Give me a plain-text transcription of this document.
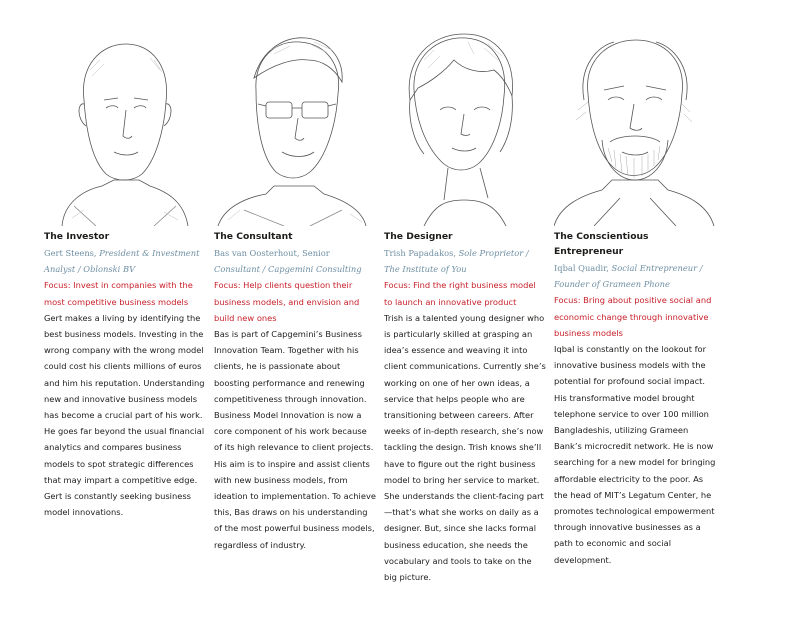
The Investor

Gert Steens, President & Investment Analyst / Oblonski BV

Focus: Invest in companies with the most competitive business models

Gert makes a living by identifying the best business models. Investing in the wrong company with the wrong model could cost his clients millions of euros and him his reputation. Understanding new and innovative business models has become a crucial part of his work. He goes far beyond the usual financial analytics and compares business models to spot strategic differences that may impart a competitive edge. Gert is constantly seeking business model innovations.

The Consultant

Bas van Oosterhout, Senior Consultant / Capgemini Consulting

Focus: Help clients question their business models, and envision and build new ones

Bas is part of Capgemini’s Business Innovation Team. Together with his clients, he is passionate about boosting performance and renewing competitiveness through innovation. Business Model Innovation is now a core component of his work because of its high relevance to client projects. His aim is to inspire and assist clients with new business models, from ideation to implementation. To achieve this, Bas draws on his understanding of the most powerful business models, regardless of industry.

The Designer

Trish Papadakos, Sole Proprietor / The Institute of You

Focus: Find the right business model to launch an innovative product

Trish is a talented young designer who is particularly skilled at grasping an idea’s essence and weaving it into client communications. Currently she’s working on one of her own ideas, a service that helps people who are transitioning between careers. After weeks of in-depth research, she’s now tackling the design. Trish knows she’ll have to figure out the right business model to bring her service to market. She understands the client-facing part—that’s what she works on daily as a designer. But, since she lacks formal business education, she needs the vocabulary and tools to take on the big picture.

The Conscientious Entrepreneur

Iqbal Quadir, Social Entrepreneur / Founder of Grameen Phone

Focus: Bring about positive social and economic change through innovative business models

Iqbal is constantly on the lookout for innovative business models with the potential for profound social impact. His transformative model brought telephone service to over 100 million Bangladeshis, utilizing Grameen Bank’s microcredit network. He is now searching for a new model for bringing affordable electricity to the poor. As the head of MIT’s Legatum Center, he promotes technological empowerment through innovative businesses as a path to economic and social development.
